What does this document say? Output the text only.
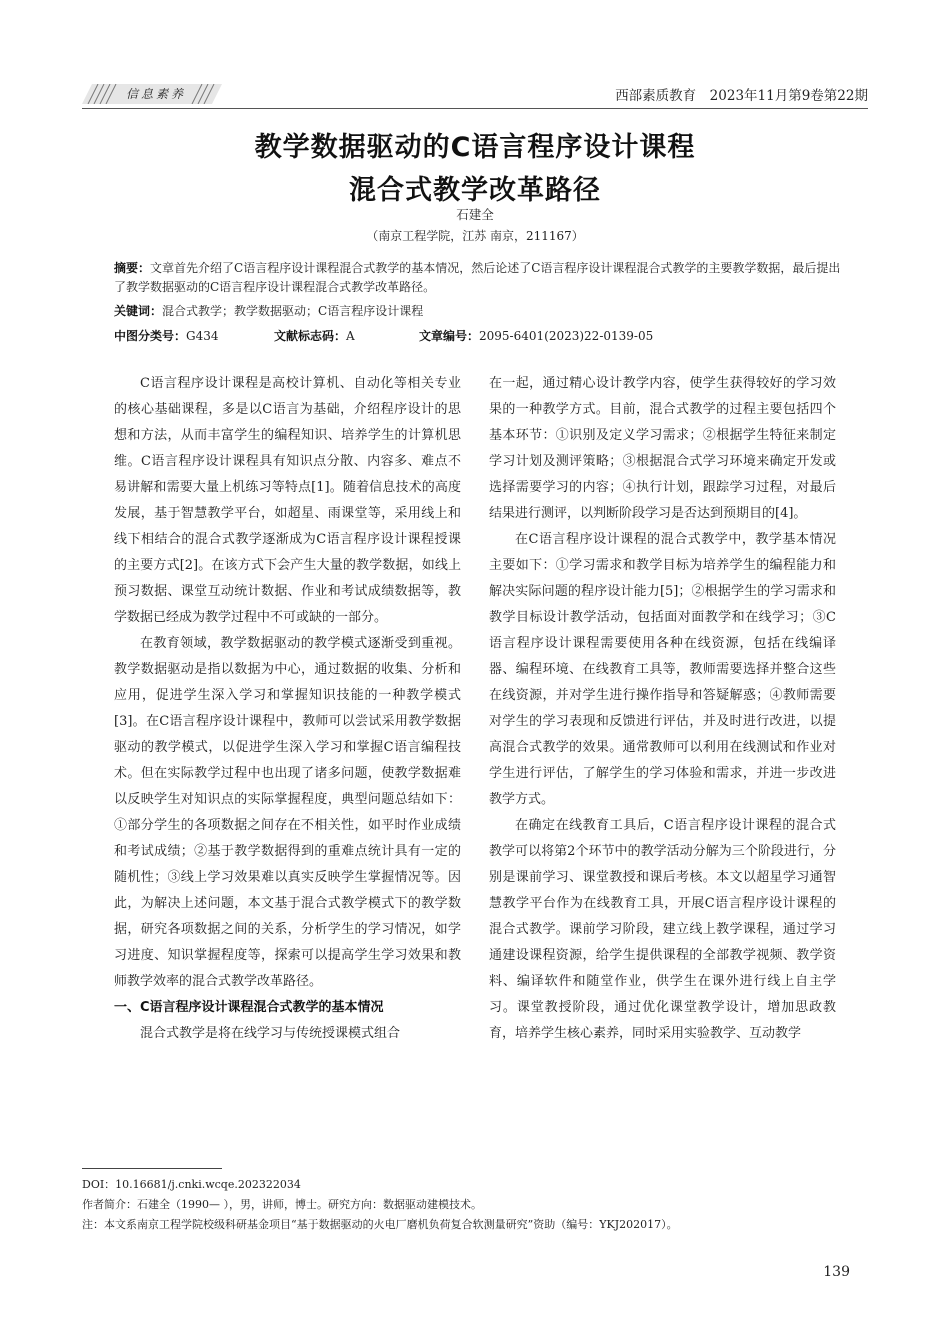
信息素养	西部素质教育　2023年11月第9卷第22期
教学数据驱动的C语言程序设计课程
混合式教学改革路径
石建全
（南京工程学院，江苏 南京，211167）
摘要：文章首先介绍了C语言程序设计课程混合式教学的基本情况，然后论述了C语言程序设计课程混合式教学的主要教学数据，最后提出了教学数据驱动的C语言程序设计课程混合式教学改革路径。
关键词：混合式教学；教学数据驱动；C语言程序设计课程
中图分类号：G434	文献标志码：A	文章编号：2095-6401(2023)22-0139-05

C语言程序设计课程是高校计算机、自动化等相关专业的核心基础课程，多是以C语言为基础，介绍程序设计的思想和方法，从而丰富学生的编程知识、培养学生的计算机思维。C语言程序设计课程具有知识点分散、内容多、难点不易讲解和需要大量上机练习等特点[1]。随着信息技术的高度发展，基于智慧教学平台，如超星、雨课堂等，采用线上和线下相结合的混合式教学逐渐成为C语言程序设计课程授课的主要方式[2]。在该方式下会产生大量的教学数据，如线上预习数据、课堂互动统计数据、作业和考试成绩数据等，教学数据已经成为教学过程中不可或缺的一部分。

在教育领域，教学数据驱动的教学模式逐渐受到重视。教学数据驱动是指以数据为中心，通过数据的收集、分析和应用，促进学生深入学习和掌握知识技能的一种教学模式[3]。在C语言程序设计课程中，教师可以尝试采用教学数据驱动的教学模式，以促进学生深入学习和掌握C语言编程技术。但在实际教学过程中也出现了诸多问题，使教学数据难以反映学生对知识点的实际掌握程度，典型问题总结如下：①部分学生的各项数据之间存在不相关性，如平时作业成绩和考试成绩；②基于教学数据得到的重难点统计具有一定的随机性；③线上学习效果难以真实反映学生掌握情况等。因此，为解决上述问题，本文基于混合式教学模式下的教学数据，研究各项数据之间的关系，分析学生的学习情况，如学习进度、知识掌握程度等，探索可以提高学生学习效果和教师教学效率的混合式教学改革路径。

一、C语言程序设计课程混合式教学的基本情况

混合式教学是将在线学习与传统授课模式组合

在一起，通过精心设计教学内容，使学生获得较好的学习效果的一种教学方式。目前，混合式教学的过程主要包括四个基本环节：①识别及定义学习需求；②根据学生特征来制定学习计划及测评策略；③根据混合式学习环境来确定开发或选择需要学习的内容；④执行计划，跟踪学习过程，对最后结果进行测评，以判断阶段学习是否达到预期目的[4]。

在C语言程序设计课程的混合式教学中，教学基本情况主要如下：①学习需求和教学目标为培养学生的编程能力和解决实际问题的程序设计能力[5]；②根据学生的学习需求和教学目标设计教学活动，包括面对面教学和在线学习；③C语言程序设计课程需要使用各种在线资源，包括在线编译器、编程环境、在线教育工具等，教师需要选择并整合这些在线资源，并对学生进行操作指导和答疑解惑；④教师需要对学生的学习表现和反馈进行评估，并及时进行改进，以提高混合式教学的效果。通常教师可以利用在线测试和作业对学生进行评估，了解学生的学习体验和需求，并进一步改进教学方式。

在确定在线教育工具后，C语言程序设计课程的混合式教学可以将第2个环节中的教学活动分解为三个阶段进行，分别是课前学习、课堂教授和课后考核。本文以超星学习通智慧教学平台作为在线教育工具，开展C语言程序设计课程的混合式教学。课前学习阶段，建立线上教学课程，通过学习通建设课程资源，给学生提供课程的全部教学视频、教学资料、编译软件和随堂作业，供学生在课外进行线上自主学习。课堂教授阶段，通过优化课堂教学设计，增加思政教育，培养学生核心素养，同时采用实验教学、互动教学

DOI：10.16681/j.cnki.wcqe.202322034
作者简介：石建全（1990— ），男，讲师，博士。研究方向：数据驱动建模技术。
注：本文系南京工程学院校级科研基金项目“基于数据驱动的火电厂磨机负荷复合软测量研究”资助（编号：YKJ202017）。
139
